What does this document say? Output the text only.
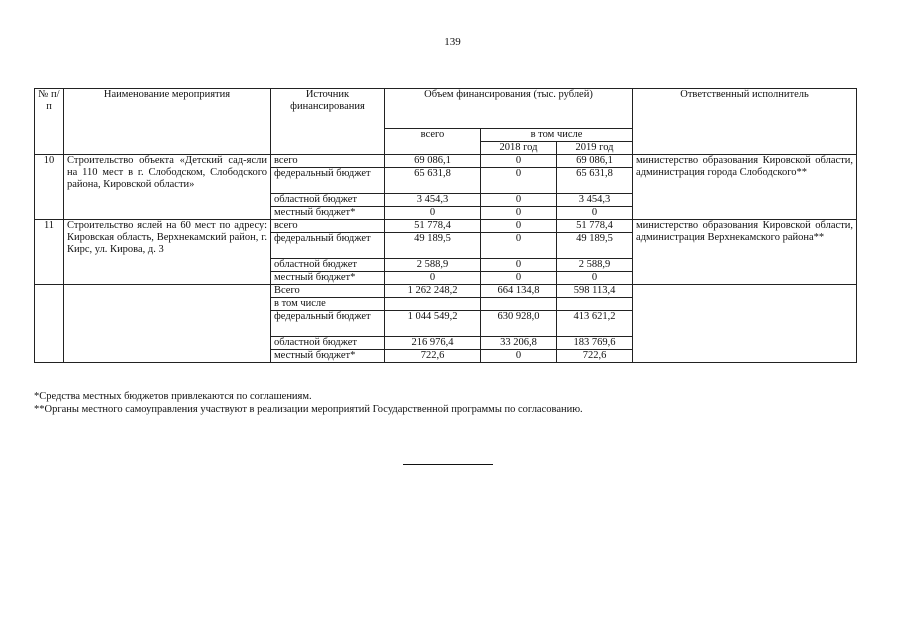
139
№ п/п	Наименование мероприятия	Источник финансирования	Объем финансирования (тыс. рублей)			Ответственный исполнитель
			всего	в том числе		
				2018 год	2019 год	
10	Строительство объекта «Детский сад-ясли на 110 мест в г. Слободском, Слободского района, Кировской области»	всего	69 086,1	0	69 086,1	министерство образования Кировской области, администрация города Слободского**
		федеральный бюджет	65 631,8	0	65 631,8	
		областной бюджет	3 454,3	0	3 454,3	
		местный бюджет*	0	0	0	
11	Строительство яслей на 60 мест по адресу: Кировская область, Верхнекамский район, г. Кирс, ул. Кирова, д. 3	всего	51 778,4	0	51 778,4	министерство образования Кировской области, администрация Верхнекамского района**
		федеральный бюджет	49 189,5	0	49 189,5	
		областной бюджет	2 588,9	0	2 588,9	
		местный бюджет*	0	0	0	
		Всего	1 262 248,2	664 134,8	598 113,4	
		в том числе				
		федеральный бюджет	1 044 549,2	630 928,0	413 621,2	
		областной бюджет	216 976,4	33 206,8	183 769,6	
		местный бюджет*	722,6	0	722,6	
*Средства местных бюджетов привлекаются по соглашениям.
**Органы местного самоуправления участвуют в реализации мероприятий Государственной программы по согласованию.
